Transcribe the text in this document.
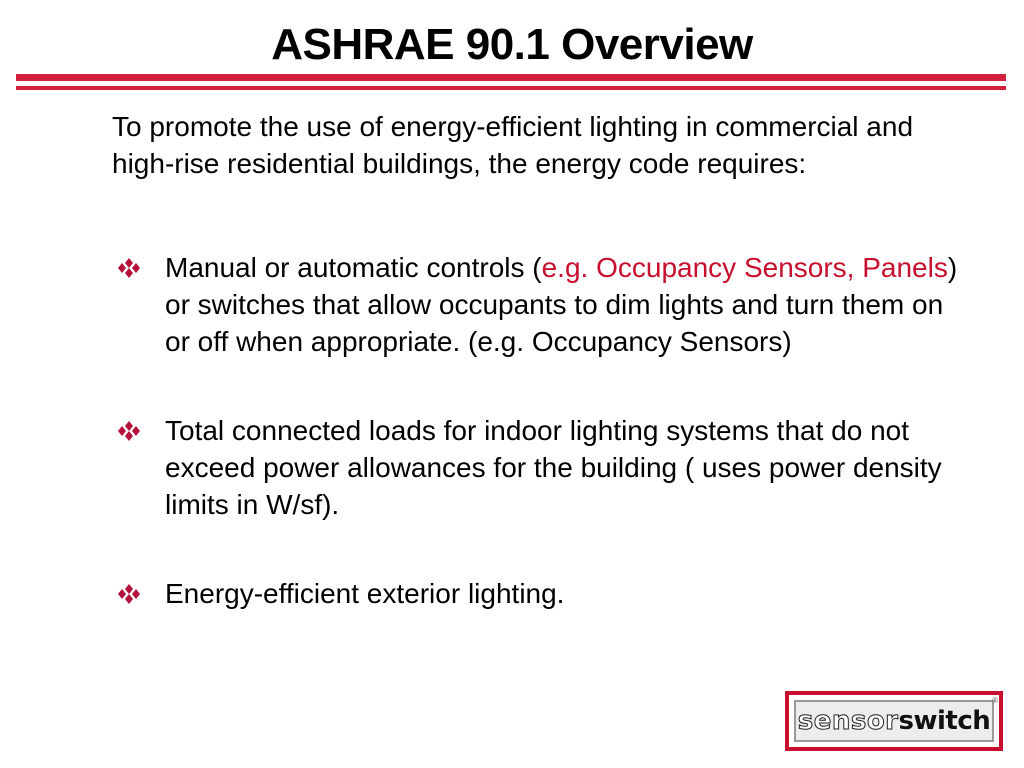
ASHRAE 90.1 Overview

To promote the use of energy-efficient lighting in commercial and high-rise residential buildings, the energy code requires:

Manual or automatic controls (e.g. Occupancy Sensors, Panels) or switches that allow occupants to dim lights and turn them on or off when appropriate. (e.g. Occupancy Sensors)
Total connected loads for indoor lighting systems that do not exceed power allowances for the building ( uses power density limits in W/sf).
Energy-efficient exterior lighting.
sensor switch
®
